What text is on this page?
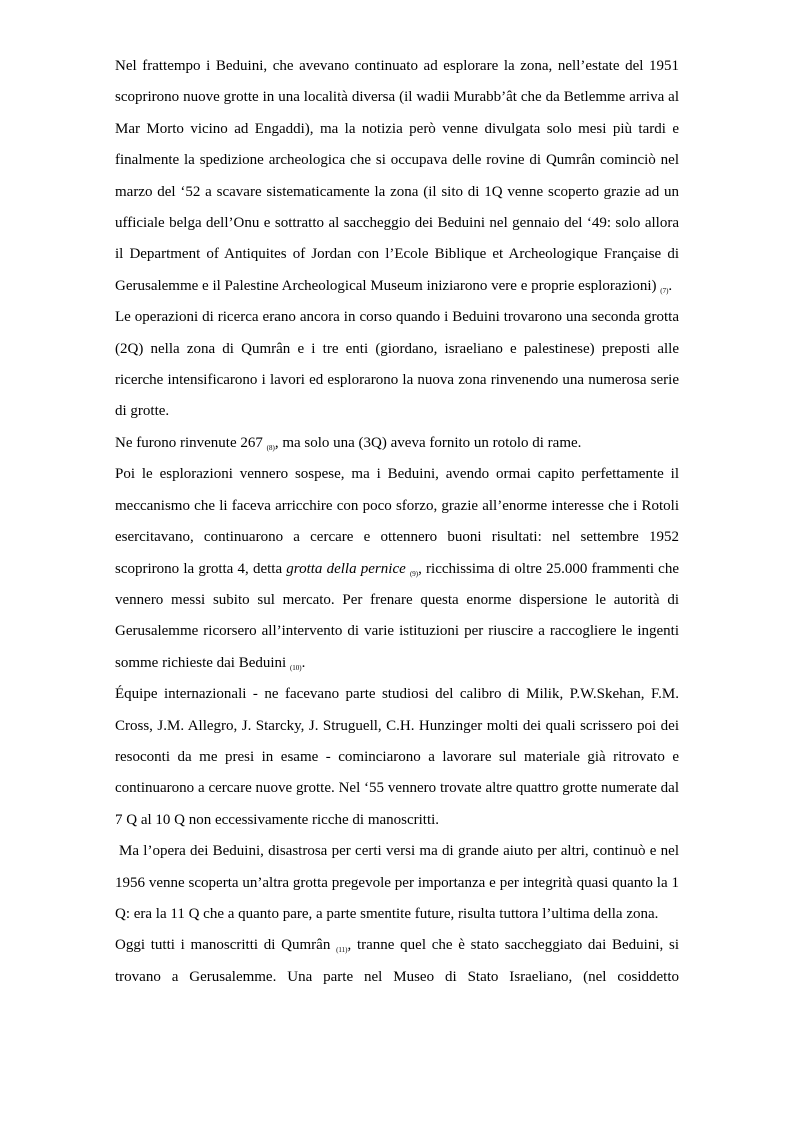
Nel frattempo i Beduini, che avevano continuato ad esplorare la zona, nell’estate del 1951 scoprirono nuove grotte in una località diversa (il wadii Murabb’ât che da Betlemme arriva al Mar Morto vicino ad Engaddi), ma la notizia però venne divulgata solo mesi più tardi e finalmente la spedizione archeologica che si occupava delle rovine di Qumrân cominciò nel marzo del ‘52 a scavare sistematicamente la zona (il sito di 1Q venne scoperto grazie ad un ufficiale belga dell’Onu e sottratto al saccheggio dei Beduini nel gennaio del ‘49: solo allora il Department of Antiquites of Jordan con l’Ecole Biblique et Archeologique Française di Gerusalemme e il Palestine Archeological Museum iniziarono vere e proprie esplorazioni) $_{(7)}$.

Le operazioni di ricerca erano ancora in corso quando i Beduini trovarono una seconda grotta (2Q) nella zona di Qumrân e i tre enti (giordano, israeliano e palestinese) preposti alle ricerche intensificarono i lavori ed esplorarono la nuova zona rinvenendo una numerosa serie di grotte.

Ne furono rinvenute 267 $_{(8)}$, ma solo una (3Q) aveva fornito un rotolo di rame.

Poi le esplorazioni vennero sospese, ma i Beduini, avendo ormai capito perfettamente il meccanismo che li faceva arricchire con poco sforzo, grazie all’enorme interesse che i Rotoli esercitavano, continuarono a cercare e ottennero buoni risultati: nel settembre 1952 scoprirono la grotta 4, detta grotta della pernice $_{(9)}$, ricchissima di oltre 25.000 frammenti che vennero messi subito sul mercato. Per frenare questa enorme dispersione le autorità di Gerusalemme ricorsero all’intervento di varie istituzioni per riuscire a raccogliere le ingenti somme richieste dai Beduini $_{(10)}$.

Équipe internazionali - ne facevano parte studiosi del calibro di Milik, P.W.Skehan, F.M. Cross, J.M. Allegro, J. Starcky, J. Struguell, C.H. Hunzinger molti dei quali scrissero poi dei resoconti da me presi in esame - cominciarono a lavorare sul materiale già ritrovato e continuarono a cercare nuove grotte. Nel ‘55 vennero trovate altre quattro grotte numerate dal 7 Q al 10 Q non eccessivamente ricche di manoscritti.

Ma l’opera dei Beduini, disastrosa per certi versi ma di grande aiuto per altri, continuò e nel 1956 venne scoperta un’altra grotta pregevole per importanza e per integrità quasi quanto la 1 Q: era la 11 Q che a quanto pare, a parte smentite future, risulta tuttora l’ultima della zona.

Oggi tutti i manoscritti di Qumrân $_{(11)}$, tranne quel che è stato saccheggiato dai Beduini, si trovano a Gerusalemme. Una parte nel Museo di Stato Israeliano, (nel cosiddetto
